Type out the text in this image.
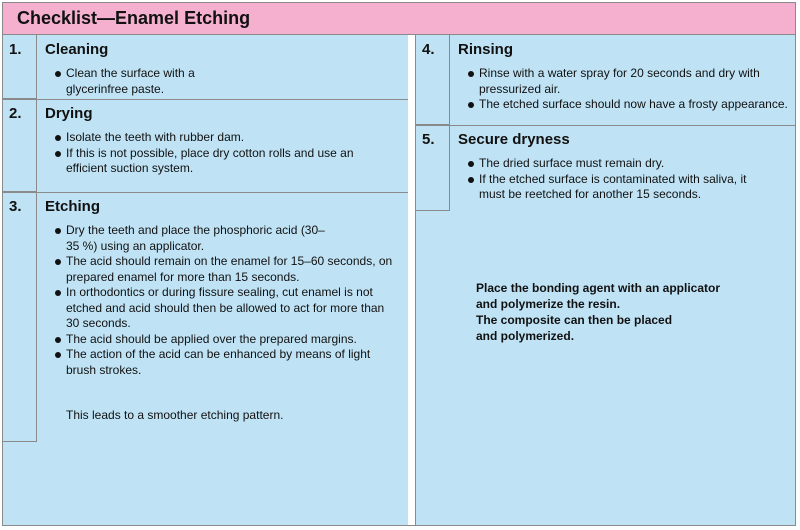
Checklist—Enamel Etching
1. Cleaning
Clean the surface with a glycerinfree paste.
2. Drying
Isolate the teeth with rubber dam.
If this is not possible, place dry cotton rolls and use an efficient suction system.
3. Etching
Dry the teeth and place the phosphoric acid (30–35 %) using an applicator.
The acid should remain on the enamel for 15–60 seconds, on prepared enamel for more than 15 seconds.
In orthodontics or during fissure sealing, cut enamel is not etched and acid should then be allowed to act for more than 30 seconds.
The acid should be applied over the prepared margins.
The action of the acid can be enhanced by means of light brush strokes.
This leads to a smoother etching pattern.
4. Rinsing
Rinse with a water spray for 20 seconds and dry with pressurized air.
The etched surface should now have a frosty appearance.
5. Secure dryness
The dried surface must remain dry.
If the etched surface is contaminated with saliva, it must be reetched for another 15 seconds.
Place the bonding agent with an applicator
and polymerize the resin.
The composite can then be placed
and polymerized.
